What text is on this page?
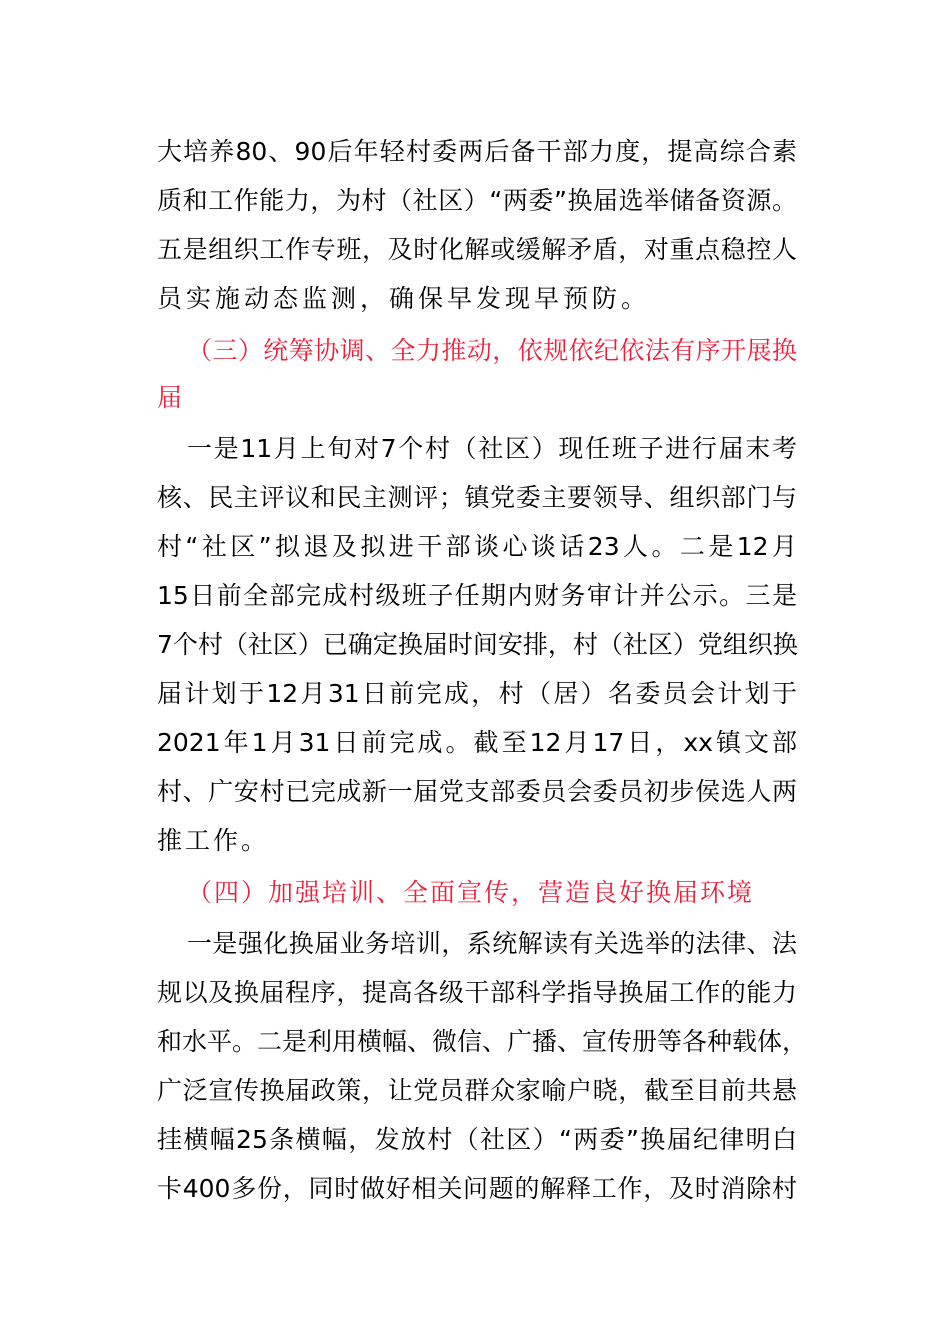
大培养80、90后年轻村委两后备干部力度，提高综合素
质和工作能力，为村（社区）“两委”换届选举储备资源。
五是组织工作专班，及时化解或缓解矛盾，对重点稳控人
员实施动态监测，确保早发现早预防。
（三）统筹协调、全力推动，依规依纪依法有序开展换
届
一是11月上旬对7个村（社区）现任班子进行届末考
核、民主评议和民主测评；镇党委主要领导、组织部门与
村“社区”拟退及拟进干部谈心谈话23人。二是12月
15日前全部完成村级班子任期内财务审计并公示。三是
7个村（社区）已确定换届时间安排，村（社区）党组织换
届计划于12月31日前完成，村（居）名委员会计划于
2021年1月31日前完成。截至12月17日，xx镇文部
村、广安村已完成新一届党支部委员会委员初步侯选人两
推工作。
（四）加强培训、全面宣传，营造良好换届环境
一是强化换届业务培训，系统解读有关选举的法律、法
规以及换届程序，提高各级干部科学指导换届工作的能力
和水平。二是利用横幅、微信、广播、宣传册等各种载体，
广泛宣传换届政策，让党员群众家喻户晓，截至目前共悬
挂横幅25条横幅，发放村（社区）“两委”换届纪律明白
卡400多份，同时做好相关问题的解释工作，及时消除村
